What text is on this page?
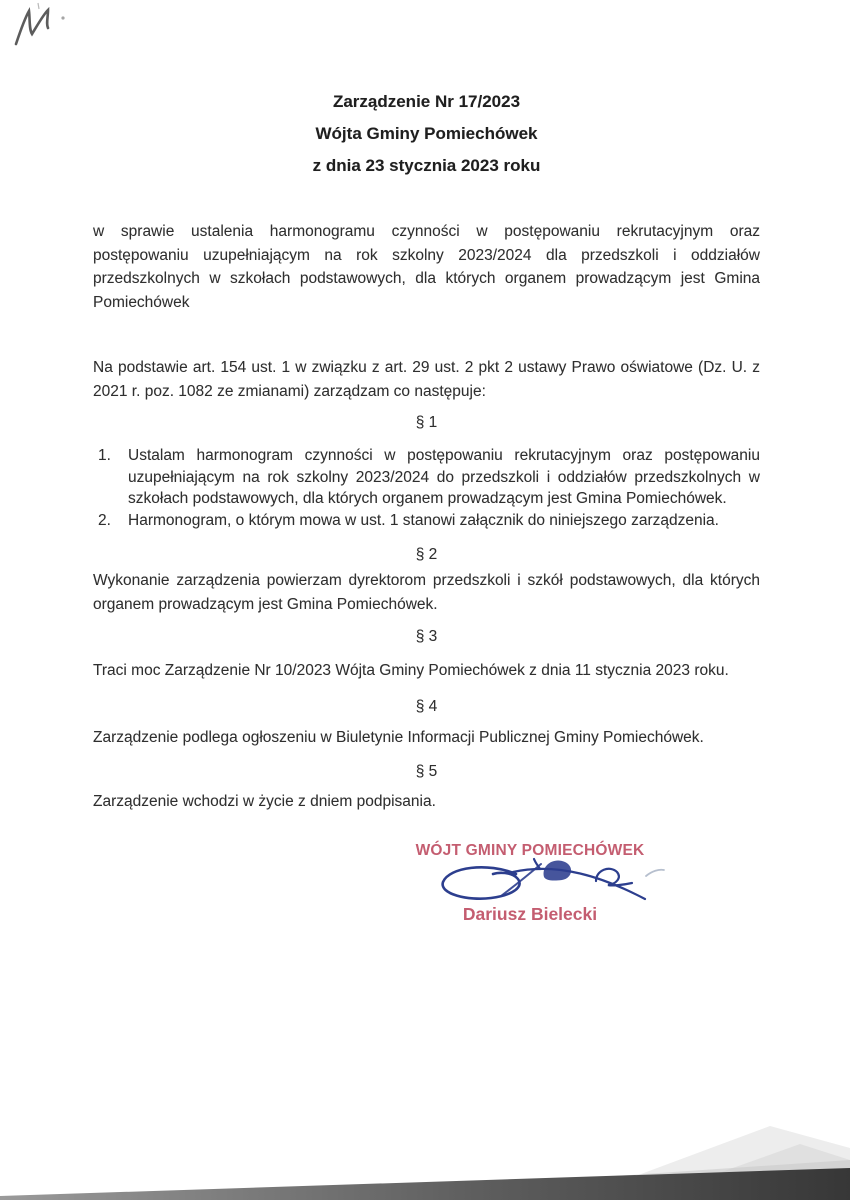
Zarządzenie Nr 17/2023
Wójta Gminy Pomiechówek
z dnia 23 stycznia 2023 roku

w sprawie ustalenia harmonogramu czynności w postępowaniu rekrutacyjnym oraz postępowaniu uzupełniającym na rok szkolny 2023/2024 dla przedszkoli i oddziałów przedszkolnych w szkołach podstawowych, dla których organem prowadzącym jest Gmina Pomiechówek

Na podstawie art. 154 ust. 1 w związku z art. 29 ust. 2 pkt 2 ustawy Prawo oświatowe (Dz. U. z 2021 r. poz. 1082 ze zmianami) zarządzam co następuje:

§ 1
1.	Ustalam harmonogram czynności w postępowaniu rekrutacyjnym oraz postępowaniu uzupełniającym na rok szkolny 2023/2024 do przedszkoli i oddziałów przedszkolnych w szkołach podstawowych, dla których organem prowadzącym jest Gmina Pomiechówek.
2.	Harmonogram, o którym mowa w ust. 1 stanowi załącznik do niniejszego zarządzenia.
§ 2

Wykonanie zarządzenia powierzam dyrektorom przedszkoli i szkół podstawowych, dla których organem prowadzącym jest Gmina Pomiechówek.

§ 3

Traci moc Zarządzenie Nr 10/2023 Wójta Gminy Pomiechówek z dnia 11 stycznia 2023 roku.

§ 4

Zarządzenie podlega ogłoszeniu w Biuletynie Informacji Publicznej Gminy Pomiechówek.

§ 5

Zarządzenie wchodzi w życie z dniem podpisania.

WÓJT GMINY POMIECHÓWEK
Dariusz Bielecki
